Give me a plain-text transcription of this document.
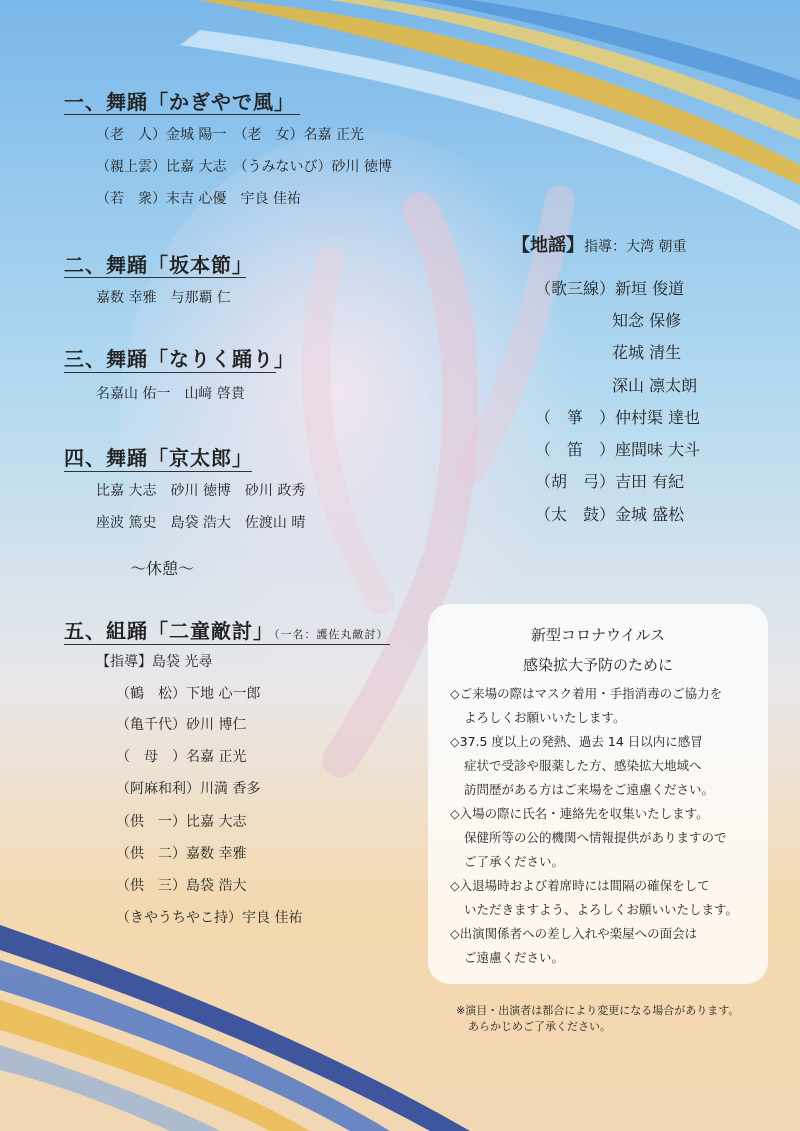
一、舞踊「かぎやで風」
（老　人）金城 陽一　（老　女）名嘉 正光
（親上雲）比嘉 大志　（うみないび）砂川 徳博
（若　衆）末吉 心優　宇良 佳祐
二、舞踊「坂本節」
嘉数 幸雅　与那覇 仁
三、舞踊「なりく踊り」
名嘉山 佑一　山﨑 啓貴
四、舞踊「京太郎」
比嘉 大志　砂川 徳博　砂川 政秀
座波 篤史　島袋 浩大　佐渡山 晴
～休憩～
五、組踊「二童敵討」（一名：護佐丸敵討）
【指導】島袋 光尋
（鶴　松）下地 心一郎
（亀千代）砂川 博仁
（　母　）名嘉 正光
（阿麻和利）川満 香多
（供　一）比嘉 大志
（供　二）嘉数 幸雅
（供　三）島袋 浩大
（きやうちやこ持）宇良 佳祐
【地謡】指導：大湾 朝重
（歌三線）新垣 俊道
知念 保修
花城 清生
深山 凛太朗
（　箏　）仲村渠 達也
（　笛　）座間味 大斗
（胡　弓）吉田 有紀
（太　鼓）金城 盛松
新型コロナウイルス
感染拡大予防のために
◇ご来場の際はマスク着用・手指消毒のご協力を
よろしくお願いいたします。
◇37.5 度以上の発熱、過去 14 日以内に感冒
症状で受診や服薬した方、感染拡大地域へ
訪問歴がある方はご来場をご遠慮ください。
◇入場の際に氏名・連絡先を収集いたします。
保健所等の公的機関へ情報提供がありますので
ご了承ください。
◇入退場時および着席時には間隔の確保をして
いただきますよう、よろしくお願いいたします。
◇出演関係者への差し入れや楽屋への面会は
ご遠慮ください。
※演目・出演者は都合により変更になる場合があります。
あらかじめご了承ください。
